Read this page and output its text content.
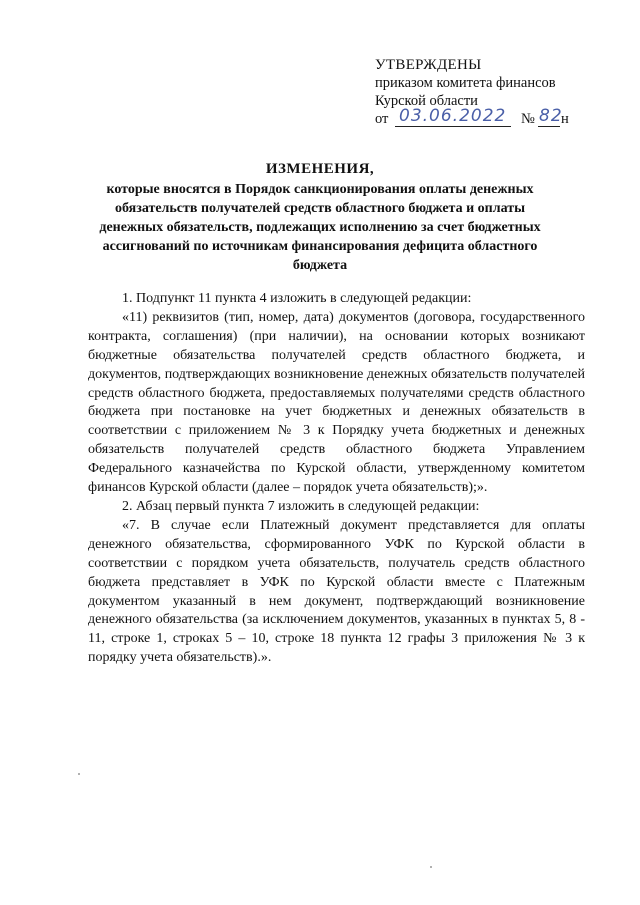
УТВЕРЖДЕНЫ
приказом комитета финансов
Курской области
от 03.06.2022 № 82
н
ИЗМЕНЕНИЯ,
которые вносятся в Порядок санкционирования оплаты денежных обязательств получателей средств областного бюджета и оплаты денежных обязательств, подлежащих исполнению за счет бюджетных ассигнований по источникам финансирования дефицита областного бюджета

1. Подпункт 11 пункта 4 изложить в следующей редакции:

«11) реквизитов (тип, номер, дата) документов (договора, государственного контракта, соглашения) (при наличии), на основании которых возникают бюджетные обязательства получателей средств областного бюджета, и документов, подтверждающих возникновение денежных обязательств получателей средств областного бюджета, предоставляемых получателями средств областного бюджета при постановке на учет бюджетных и денежных обязательств в соответствии с приложением № 3 к Порядку учета бюджетных и денежных обязательств получателей средств областного бюджета Управлением Федерального казначейства по Курской области, утвержденному комитетом финансов Курской области (далее – порядок учета обязательств);».

2. Абзац первый пункта 7 изложить в следующей редакции:

«7. В случае если Платежный документ представляется для оплаты денежного обязательства, сформированного УФК по Курской области в соответствии с порядком учета обязательств, получатель средств областного бюджета представляет в УФК по Курской области вместе с Платежным документом указанный в нем документ, подтверждающий возникновение денежного обязательства (за исключением документов, указанных в пунктах 5, 8 - 11, строке 1, строках 5 – 10, строке 18 пункта 12 графы 3 приложения № 3 к порядку учета обязательств).».
